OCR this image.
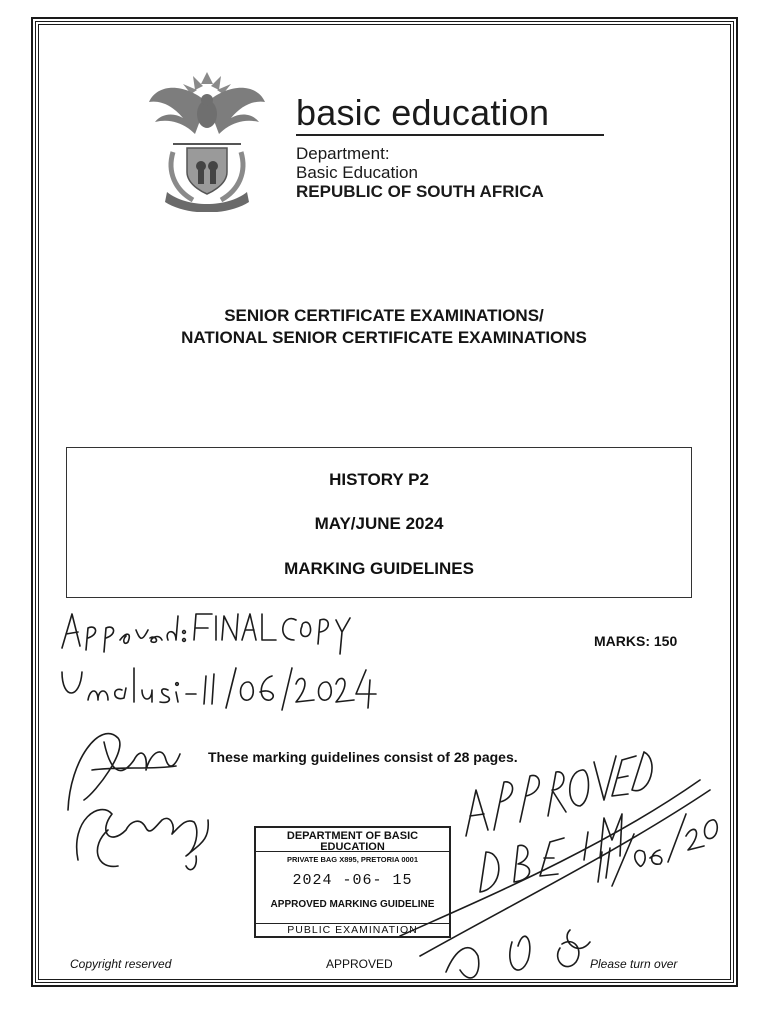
basic education
Department:
Basic Education
REPUBLIC OF SOUTH AFRICA
SENIOR CERTIFICATE EXAMINATIONS/
NATIONAL SENIOR CERTIFICATE EXAMINATIONS
HISTORY P2
MAY/JUNE 2024
MARKING GUIDELINES
MARKS: 150
These marking guidelines consist of 28 pages.
DEPARTMENT OF BASIC EDUCATION
PRIVATE BAG X895, PRETORIA 0001
2024 -06- 15
APPROVED MARKING GUIDELINE
PUBLIC EXAMINATION
Copyright reserved	APPROVED	Please turn over
